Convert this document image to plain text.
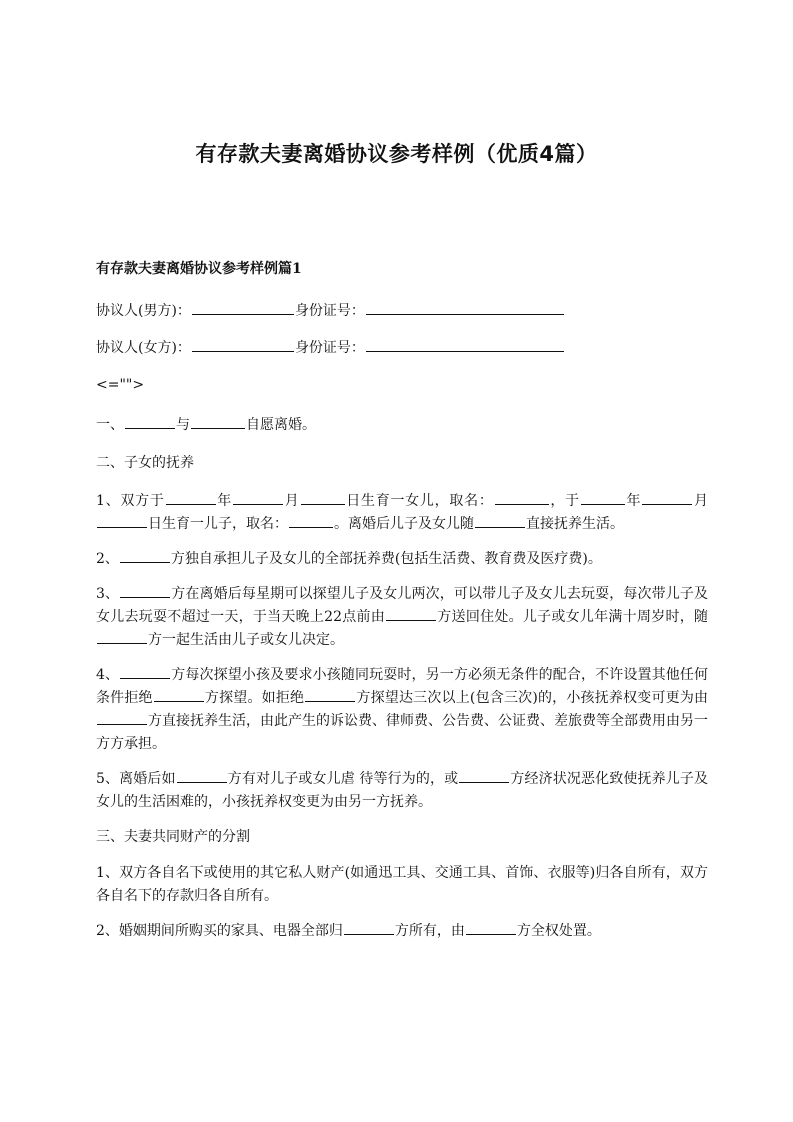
有存款夫妻离婚协议参考样例（优质4篇）
有存款夫妻离婚协议参考样例篇1
协议人(男方)：	身份证号：
协议人(女方)：	身份证号：
<="">
一、	与	自愿离婚。
二、子女的抚养

1、双方于	年	月	日生育一女儿，取名：	，于	年	月日生育一儿子，取名：	。离婚后儿子及女儿随	直接抚养生活。

2、	方独自承担儿子及女儿的全部抚养费(包括生活费、教育费及医疗费)。

3、	方在离婚后每星期可以探望儿子及女儿两次，可以带儿子及女儿去玩耍，每次带儿子及女儿去玩耍不超过一天，于当天晚上22点前由	方送回住处。儿子或女儿年满十周岁时，随方一起生活由儿子或女儿决定。

4、	方每次探望小孩及要求小孩随同玩耍时，另一方必须无条件的配合，不许设置其他任何条件拒绝	方探望。如拒绝	方探望达三次以上(包含三次)的，小孩抚养权变可更为由方直接抚养生活，由此产生的诉讼费、律师费、公告费、公证费、差旅费等全部费用由另一方方承担。

5、离婚后如	方有对儿子或女儿虐 待等行为的，或	方经济状况恶化致使抚养儿子及女儿的生活困难的，小孩抚养权变更为由另一方抚养。

三、夫妻共同财产的分割

1、双方各自名下或使用的其它私人财产(如通迅工具、交通工具、首饰、衣服等)归各自所有，双方各自名下的存款归各自所有。

2、婚姻期间所购买的家具、电器全部归	方所有，由	方全权处置。
